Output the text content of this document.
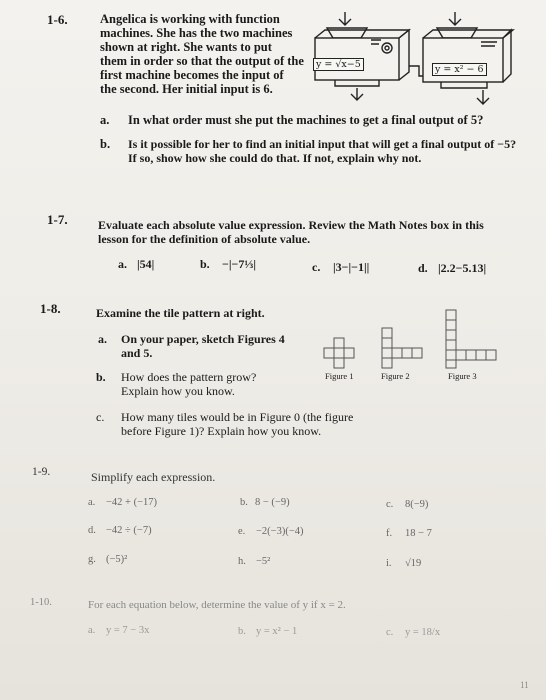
1-6.	Angelica is working with function
machines. She has the two machines
shown at right. She wants to put
them in order so that the output of the
first machine becomes the input of
the second. Her initial input is 6.
y = √x−5	y = x² − 6
a. In what order must she put the machines to get a final output of 5?
b. Is it possible for her to find an initial input that will get a final output of −5?
If so, show how she could do that. If not, explain why not.
1-7.	Evaluate each absolute value expression. Review the Math Notes box in this
lesson for the definition of absolute value.
a. |54|	b. −|−7⅓|	c. |3−|−1||	d. |2.2−5.13|
1-8.	Examine the tile pattern at right.
a. On your paper, sketch Figures 4
and 5.
b. How does the pattern grow?
Explain how you know.
c. How many tiles would be in Figure 0 (the figure
before Figure 1)? Explain how you know.
Figure 1	Figure 2	Figure 3
1-9.	Simplify each expression.
a. −42 + (−17)	b. 8 − (−9)	c. 8(−9)
d. −42 ÷ (−7)	e. −2(−3)(−4)	f. 18 − 7
g. (−5)²	h. −5²	i. √19
1-10.	For each equation below, determine the value of y if x = 2.
a. y = 7 − 3x	b. y = x² − 1	c. y = 18/x
11
